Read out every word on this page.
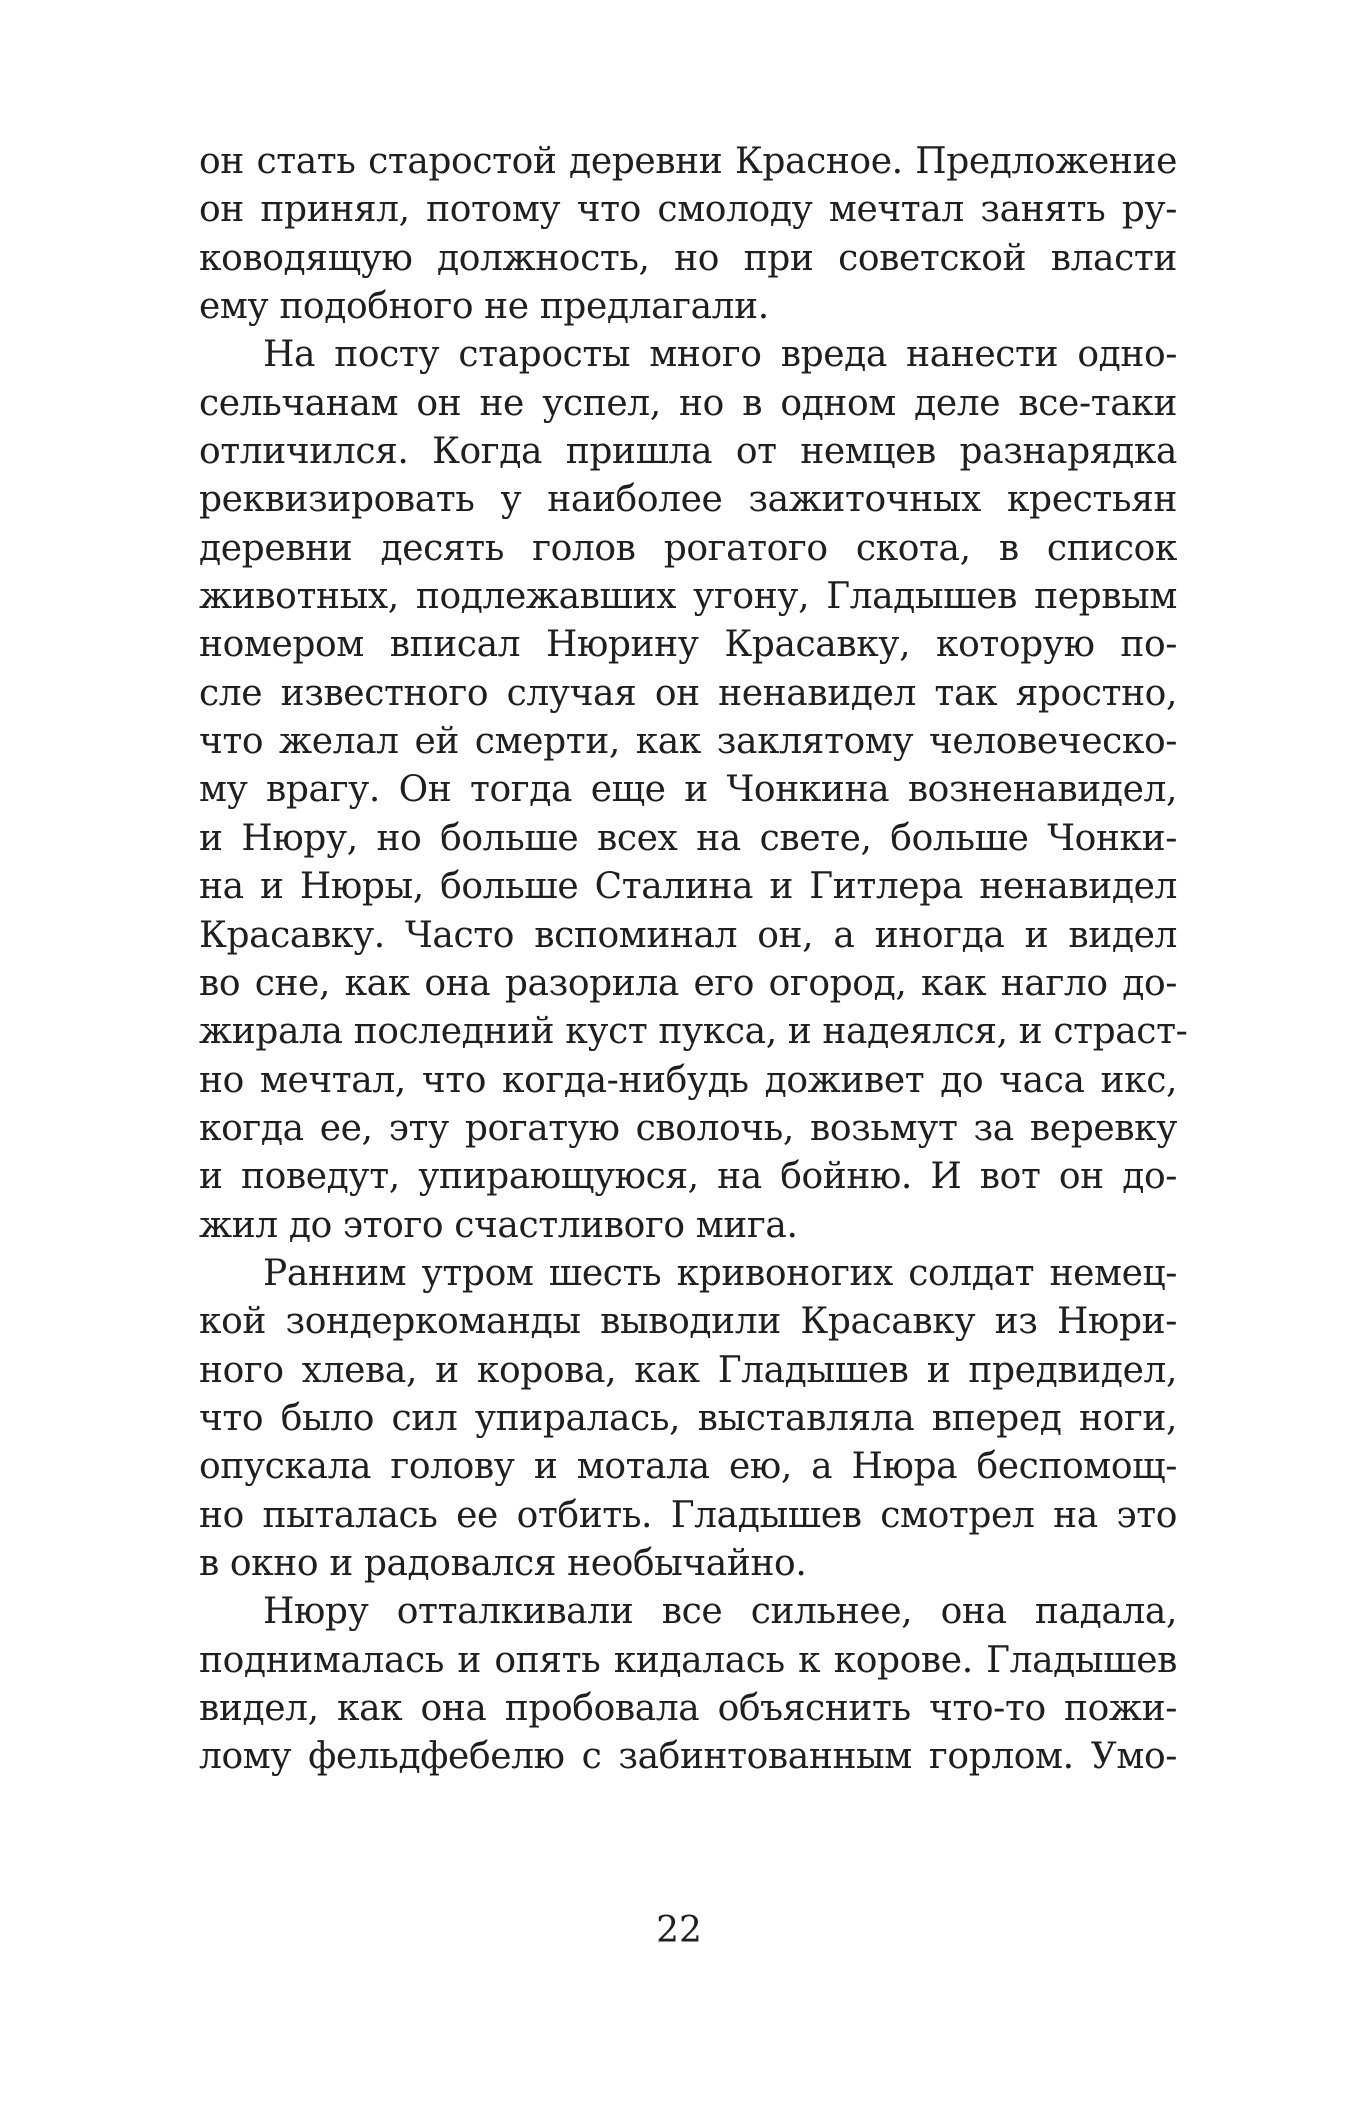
он стать старостой деревни Красное. Предложение
он принял, потому что смолоду мечтал занять ру-
ководящую должность, но при советской власти
ему подобного не предлагали.
На посту старосты много вреда нанести одно-
сельчанам он не успел, но в одном деле все-таки
отличился. Когда пришла от немцев разнарядка
реквизировать у наиболее зажиточных крестьян
деревни десять голов рогатого скота, в список
животных, подлежавших угону, Гладышев первым
номером вписал Нюрину Красавку, которую по-
сле известного случая он ненавидел так яростно,
что желал ей смерти, как заклятому человеческо-
му врагу. Он тогда еще и Чонкина возненавидел,
и Нюру, но больше всех на свете, больше Чонки-
на и Нюры, больше Сталина и Гитлера ненавидел
Красавку. Часто вспоминал он, а иногда и видел
во сне, как она разорила его огород, как нагло до-
жирала последний куст пукса, и надеялся, и страст-
но мечтал, что когда-нибудь доживет до часа икс,
когда ее, эту рогатую сволочь, возьмут за веревку
и поведут, упирающуюся, на бойню. И вот он до-
жил до этого счастливого мига.
Ранним утром шесть кривоногих солдат немец-
кой зондеркоманды выводили Красавку из Нюри-
ного хлева, и корова, как Гладышев и предвидел,
что было сил упиралась, выставляла вперед ноги,
опускала голову и мотала ею, а Нюра беспомощ-
но пыталась ее отбить. Гладышев смотрел на это
в окно и радовался необычайно.
Нюру отталкивали все сильнее, она падала,
поднималась и опять кидалась к корове. Гладышев
видел, как она пробовала объяснить что-то пожи-
лому фельдфебелю с забинтованным горлом. Умо-
22
